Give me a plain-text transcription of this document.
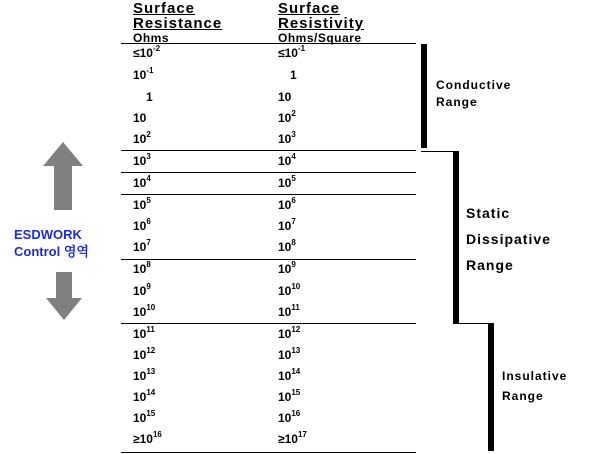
Surface
Resistance
Ohms
Surface
Resistivity
Ohms/Square
$\le 10^{-2}$	$\le 10^{-1}$
$10^{-1}$	1
1	10
10	$10^2$
$10^2$	$10^3$
$10^3$	$10^4$
$10^4$	$10^5$
$10^5$	$10^6$
$10^6$	$10^7$
$10^7$	$10^8$
$10^8$	$10^9$
$10^9$	$10^{10}$
$10^{10}$	$10^{11}$
$10^{11}$	$10^{12}$
$10^{12}$	$10^{13}$
$10^{13}$	$10^{14}$
$10^{14}$	$10^{15}$
$10^{15}$	$10^{16}$
$\ge 10^{16}$	$\ge 10^{17}$
Conductive
Range
Static
Dissipative
Range
Insulative
Range
ESDWORK
Control 영역
